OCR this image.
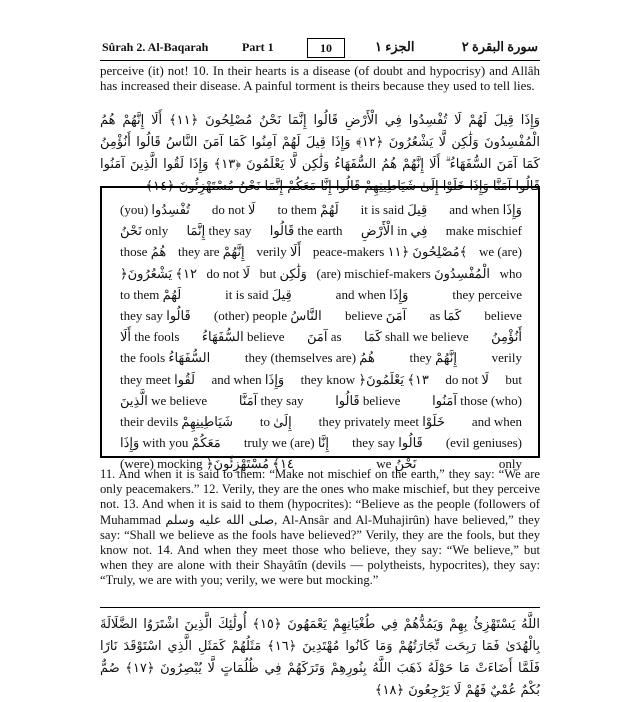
Sûrah 2. Al-Baqarah	Part 1	10	الجزء ١	سورة البقرة ٢
perceive (it) not! 10. In their hearts is a disease (of doubt and hypocrisy) and Allâh has increased their disease. A painful torment is theirs because they used to tell lies.
وَإِذَا قِيلَ لَهُمْ لَا تُفْسِدُوا فِي الْأَرْضِ قَالُوا إِنَّمَا نَحْنُ مُصْلِحُونَ ﴿١١﴾ أَلَا إِنَّهُمْ هُمُ الْمُفْسِدُونَ وَلَٰكِن لَّا يَشْعُرُونَ ﴿١٢﴾ وَإِذَا قِيلَ لَهُمْ آمِنُوا كَمَا آمَنَ النَّاسُ قَالُوا أَنُؤْمِنُ كَمَا آمَنَ السُّفَهَاءُ ۗ أَلَا إِنَّهُمْ هُمُ السُّفَهَاءُ وَلَٰكِن لَّا يَعْلَمُونَ ﴿١٣﴾ وَإِذَا لَقُوا الَّذِينَ آمَنُوا قَالُوا آمَنَّا وَإِذَا خَلَوْا إِلَىٰ شَيَاطِينِهِمْ قَالُوا إِنَّا مَعَكُمْ إِنَّمَا نَحْنُ مُسْتَهْزِئُونَ ﴿١٤﴾
(you) تُفْسِدُوا do not لَا to them لَهُمْ it is said قِيلَ and when وَإِذَا
نَحْنُ only إِنَّمَا they say قَالُوا the earth الْأَرْضِ in فِي make mischief
those هُمُ they are إِنَّهُمْ verily أَلَا peace-makers مُصْلِحُونَ ﴿١١﴾ we (are)
﴿١٢﴾ يَشْعُرُونَ do not لَا but وَلَٰكِن (are) mischief-makers الْمُفْسِدُونَ who
to them لَهُمْ	it is said قِيلَ	and when وَإِذَا	they perceive
they say قَالُوا (other) people النَّاسُ believe آمَنَ as كَمَا believe
أَلَا the fools السُّفَهَاءُ believe آمَنَ as كَمَا shall we believe أَنُؤْمِنُ
the fools السُّفَهَاءُ	they (themselves are) هُمُ	they إِنَّهُمْ	verily
they meet لَقُوا and when وَإِذَا they know ﴿١٣﴾ يَعْلَمُونَ do not لَا but
الَّذِينَ we believe آمَنَّا they say قَالُوا believe آمَنُوا those (who)
their devils شَيَاطِينِهِمْ to إِلَىٰ they privately meet خَلَوْا and when
وَإِذَا with you مَعَكُمْ truly we (are) إِنَّا they say قَالُوا (evil geniuses)
(were) mocking ﴿١٤﴾ مُسْتَهْزِئُونَ	we نَحْنُ	only
11. And when it is said to them: “Make not mischief on the earth,” they say: “We are only peacemakers.” 12. Verily, they are the ones who make mischief, but they perceive not. 13. And when it is said to them (hypocrites): “Believe as the people (followers of Muhammad صلى الله عليه وسلم, Al-Ansâr and Al-Muhajirûn) have believed,” they say: “Shall we believe as the fools have believed?” Verily, they are the fools, but they know not. 14. And when they meet those who believe, they say: “We believe,” but when they are alone with their Shayâtîn (devils — polytheists, hypocrites), they say: “Truly, we are with you; verily, we were but mocking.”
اللَّهُ يَسْتَهْزِئُ بِهِمْ وَيَمُدُّهُمْ فِي طُغْيَانِهِمْ يَعْمَهُونَ ﴿١٥﴾ أُولَٰئِكَ الَّذِينَ اشْتَرَوُا الضَّلَالَةَ بِالْهُدَىٰ فَمَا رَبِحَت تِّجَارَتُهُمْ وَمَا كَانُوا مُهْتَدِينَ ﴿١٦﴾ مَثَلُهُمْ كَمَثَلِ الَّذِي اسْتَوْقَدَ نَارًا فَلَمَّا أَضَاءَتْ مَا حَوْلَهُ ذَهَبَ اللَّهُ بِنُورِهِمْ وَتَرَكَهُمْ فِي ظُلُمَاتٍ لَّا يُبْصِرُونَ ﴿١٧﴾ صُمٌّ بُكْمٌ عُمْيٌ فَهُمْ لَا يَرْجِعُونَ ﴿١٨﴾
